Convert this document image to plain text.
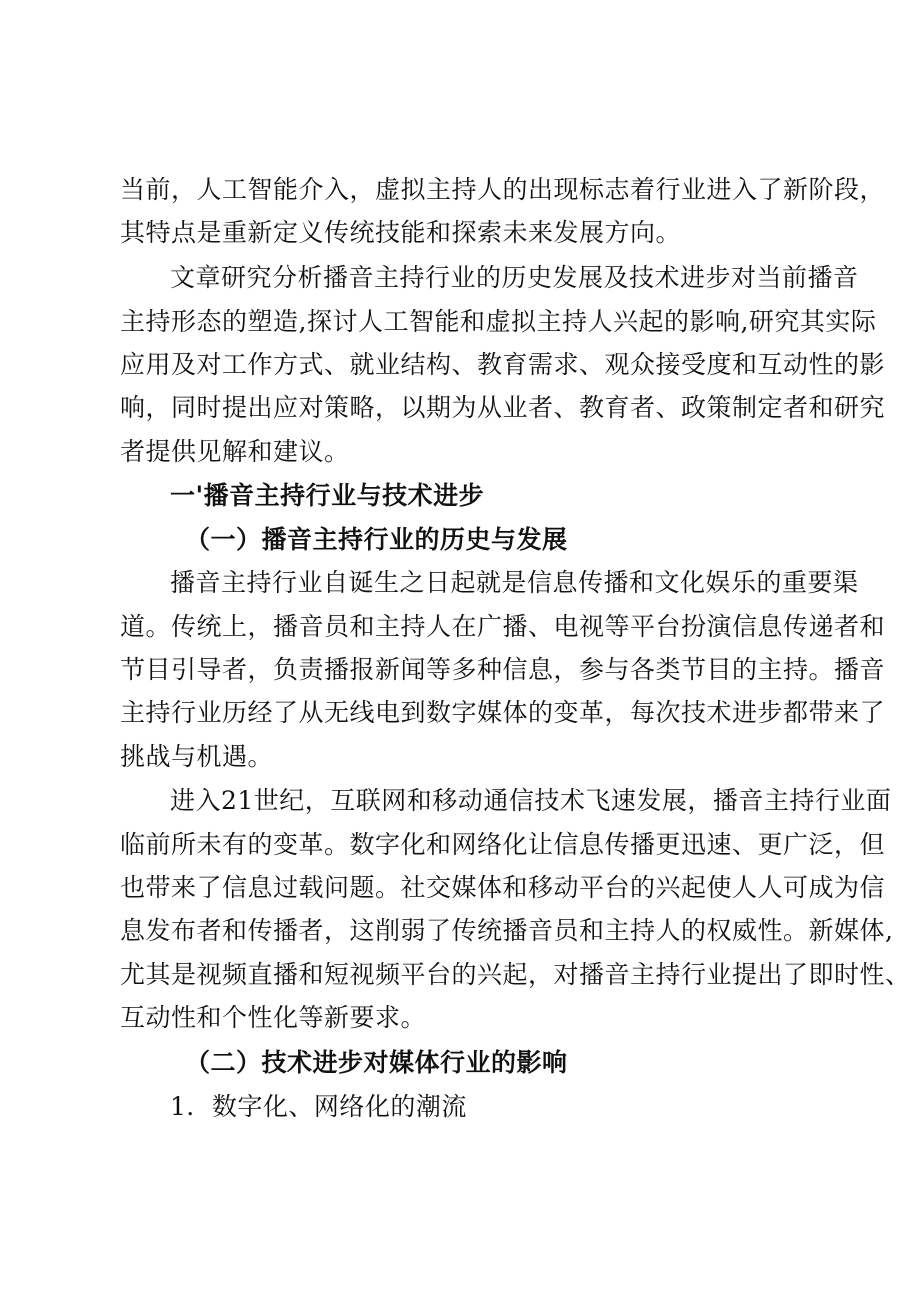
当前，人工智能介入，虚拟主持人的出现标志着行业进入了新阶段，
其特点是重新定义传统技能和探索未来发展方向。
文章研究分析播音主持行业的历史发展及技术进步对当前播音
主持形态的塑造,探讨人工智能和虚拟主持人兴起的影响,研究其实际
应用及对工作方式、就业结构、教育需求、观众接受度和互动性的影
响，同时提出应对策略，以期为从业者、教育者、政策制定者和研究
者提供见解和建议。
一'播音主持行业与技术进步
（一）播音主持行业的历史与发展
播音主持行业自诞生之日起就是信息传播和文化娱乐的重要渠
道。传统上，播音员和主持人在广播、电视等平台扮演信息传递者和
节目引导者，负责播报新闻等多种信息，参与各类节目的主持。播音
主持行业历经了从无线电到数字媒体的变革，每次技术进步都带来了
挑战与机遇。
进入21世纪，互联网和移动通信技术飞速发展，播音主持行业面
临前所未有的变革。数字化和网络化让信息传播更迅速、更广泛，但
也带来了信息过载问题。社交媒体和移动平台的兴起使人人可成为信
息发布者和传播者，这削弱了传统播音员和主持人的权威性。新媒体,
尤其是视频直播和短视频平台的兴起，对播音主持行业提出了即时性、
互动性和个性化等新要求。
（二）技术进步对媒体行业的影响
1．数字化、网络化的潮流
